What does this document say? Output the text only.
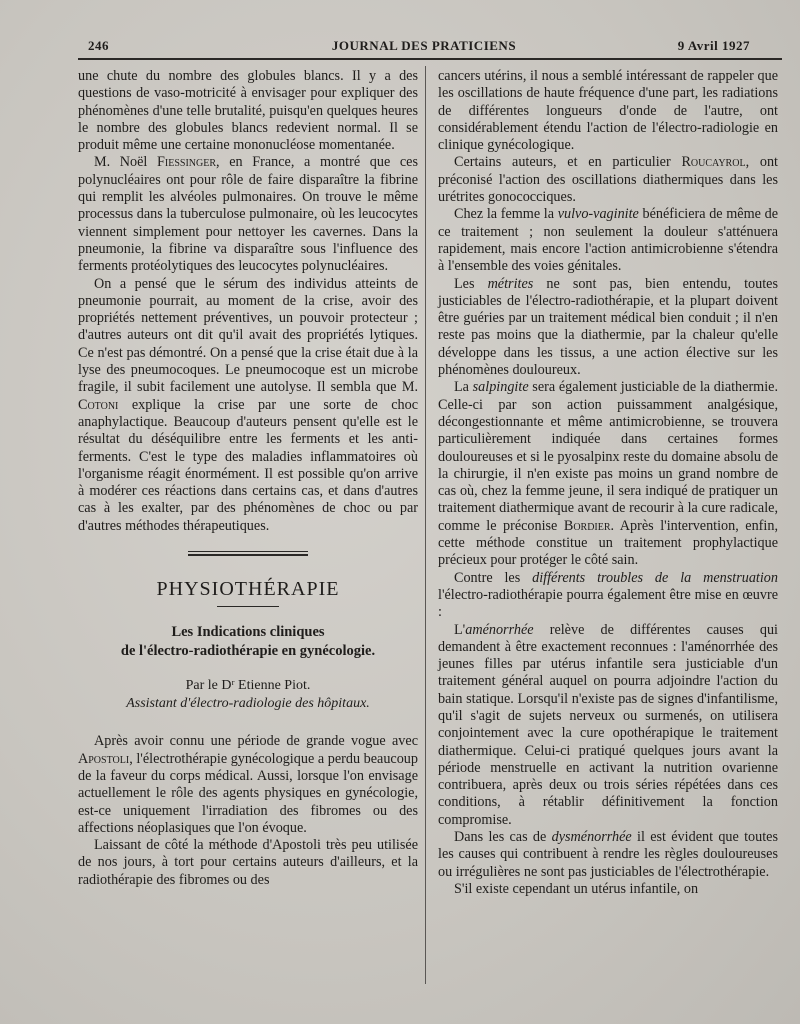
246	JOURNAL DES PRATICIENS	9 Avril 1927

une chute du nombre des globules blancs. Il y a des questions de vaso-motricité à envisager pour expliquer des phénomènes d'une telle brutalité, puisqu'en quelques heures le nombre des globules blancs redevient normal. Il se produit même une certaine mononucléose momentanée.

M. Noël Fiessinger, en France, a montré que ces polynucléaires ont pour rôle de faire disparaître la fibrine qui remplit les alvéoles pulmonaires. On trouve le même processus dans la tuberculose pulmonaire, où les leucocytes viennent simplement pour nettoyer les cavernes. Dans la pneumonie, la fibrine va disparaître sous l'influence des ferments protéolytiques des leucocytes polynucléaires.

On a pensé que le sérum des individus atteints de pneumonie pourrait, au moment de la crise, avoir des propriétés nettement préventives, un pouvoir protecteur ; d'autres auteurs ont dit qu'il avait des propriétés lytiques. Ce n'est pas démontré. On a pensé que la crise était due à la lyse des pneumocoques. Le pneumocoque est un microbe fragile, il subit facilement une autolyse. Il sembla que M. Cotoni explique la crise par une sorte de choc anaphylactique. Beaucoup d'auteurs pensent qu'elle est le résultat du déséquilibre entre les ferments et les anti-ferments. C'est le type des maladies inflammatoires où l'organisme réagit énormément. Il est possible qu'on arrive à modérer ces réactions dans certains cas, et dans d'autres cas à les exalter, par des phénomènes de choc ou par d'autres méthodes thérapeutiques.

PHYSIOTHÉRAPIE
Les Indications cliniques
de l'électro-radiothérapie en gynécologie.
Par le Dʳ Etienne Piot.
Assistant d'électro-radiologie des hôpitaux.

Après avoir connu une période de grande vogue avec Apostoli, l'électrothérapie gynécologique a perdu beaucoup de la faveur du corps médical. Aussi, lorsque l'on envisage actuellement le rôle des agents physiques en gynécologie, est-ce uniquement l'irradiation des fibromes ou des affections néoplasiques que l'on évoque.

Laissant de côté la méthode d'Apostoli très peu utilisée de nos jours, à tort pour certains auteurs d'ailleurs, et la radiothérapie des fibromes ou des

cancers utérins, il nous a semblé intéressant de rappeler que les oscillations de haute fréquence d'une part, les radiations de différentes longueurs d'onde de l'autre, ont considérablement étendu l'action de l'électro-radiologie en clinique gynécologique.

Certains auteurs, et en particulier Roucayrol, ont préconisé l'action des oscillations diathermiques dans les urétrites gonococciques.

Chez la femme la vulvo-vaginite bénéficiera de même de ce traitement ; non seulement la douleur s'atténuera rapidement, mais encore l'action antimicrobienne s'étendra à l'ensemble des voies génitales.

Les métrites ne sont pas, bien entendu, toutes justiciables de l'électro-radiothérapie, et la plupart doivent être guéries par un traitement médical bien conduit ; il n'en reste pas moins que la diathermie, par la chaleur qu'elle développe dans les tissus, a une action élective sur les phénomènes douloureux.

La salpingite sera également justiciable de la diathermie. Celle-ci par son action puissamment analgésique, décongestionnante et même antimicrobienne, se trouvera particulièrement indiquée dans certaines formes douloureuses et si le pyosalpinx reste du domaine absolu de la chirurgie, il n'en existe pas moins un grand nombre de cas où, chez la femme jeune, il sera indiqué de pratiquer un traitement diathermique avant de recourir à la cure radicale, comme le préconise Bordier. Après l'intervention, enfin, cette méthode constitue un traitement prophylactique précieux pour protéger le côté sain.

Contre les différents troubles de la menstruation l'électro-radiothérapie pourra également être mise en œuvre :

L'aménorrhée relève de différentes causes qui demandent à être exactement reconnues : l'aménorrhée des jeunes filles par utérus infantile sera justiciable d'un traitement général auquel on pourra adjoindre l'action du bain statique. Lorsqu'il n'existe pas de signes d'infantilisme, qu'il s'agit de sujets nerveux ou surmenés, on utilisera conjointement avec la cure opothérapique le traitement diathermique. Celui-ci pratiqué quelques jours avant la période menstruelle en activant la nutrition ovarienne contribuera, après deux ou trois séries répétées dans ces conditions, à rétablir définitivement la fonction compromise.

Dans les cas de dysménorrhée il est évident que toutes les causes qui contribuent à rendre les règles douloureuses ou irrégulières ne sont pas justiciables de l'électrothérapie.

S'il existe cependant un utérus infantile, on
